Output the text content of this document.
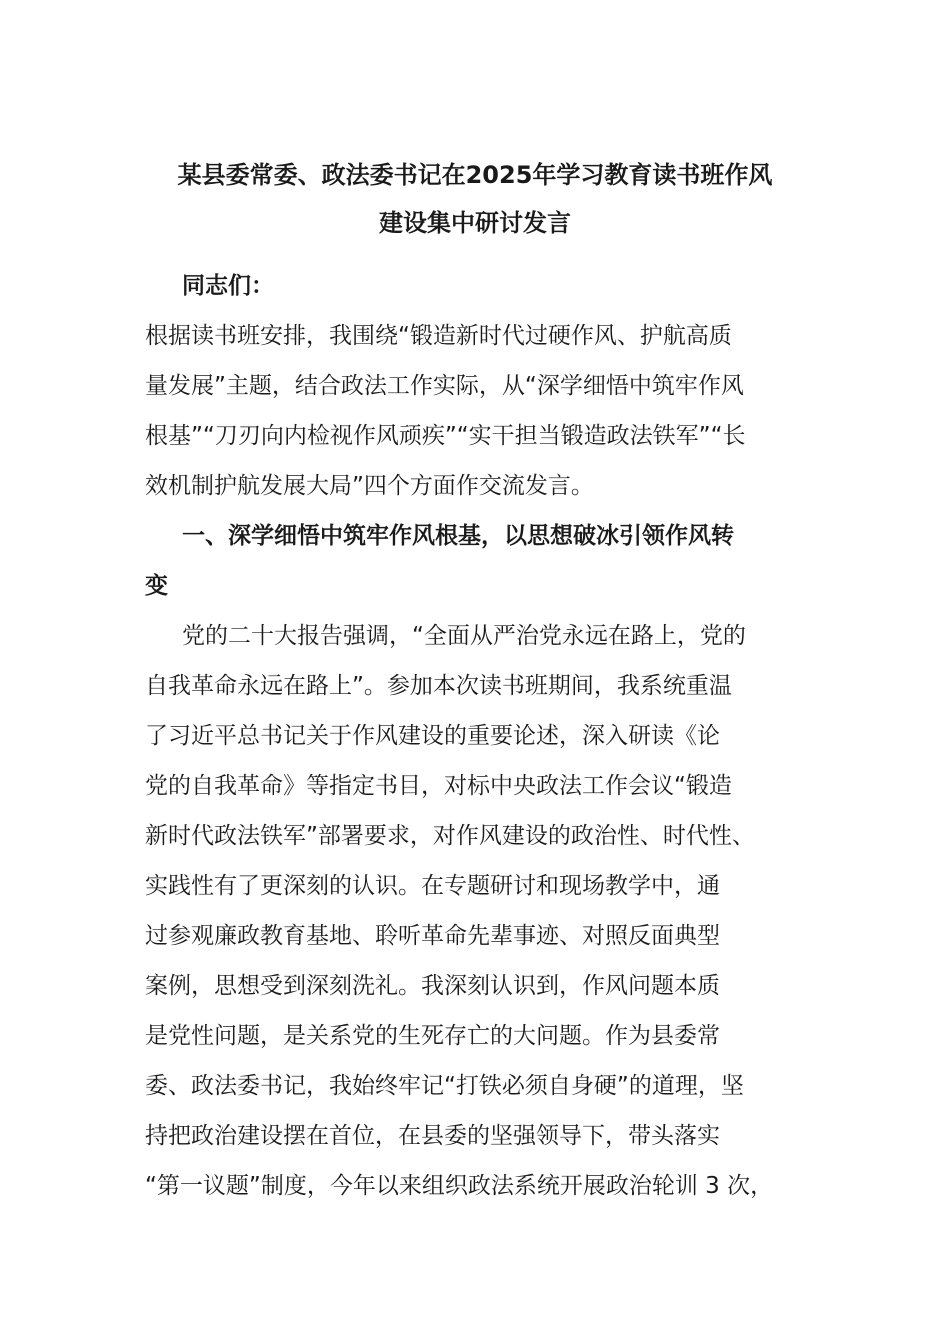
某县委常委、政法委书记在2025年学习教育读书班作风
建设集中研讨发言
同志们：
根据读书班安排，我围绕“锻造新时代过硬作风、护航高质
量发展”主题，结合政法工作实际，从“深学细悟中筑牢作风
根基”“刀刃向内检视作风顽疾”“实干担当锻造政法铁军”“长
效机制护航发展大局”四个方面作交流发言。
一、深学细悟中筑牢作风根基，以思想破冰引领作风转
变
党的二十大报告强调，“全面从严治党永远在路上，党的
自我革命永远在路上”。参加本次读书班期间，我系统重温
了习近平总书记关于作风建设的重要论述，深入研读《论
党的自我革命》等指定书目，对标中央政法工作会议“锻造
新时代政法铁军”部署要求，对作风建设的政治性、时代性、
实践性有了更深刻的认识。在专题研讨和现场教学中，通
过参观廉政教育基地、聆听革命先辈事迹、对照反面典型
案例，思想受到深刻洗礼。我深刻认识到，作风问题本质
是党性问题，是关系党的生死存亡的大问题。作为县委常
委、政法委书记，我始终牢记“打铁必须自身硬”的道理，坚
持把政治建设摆在首位，在县委的坚强领导下，带头落实
“第一议题”制度，今年以来组织政法系统开展政治轮训 3 次，
